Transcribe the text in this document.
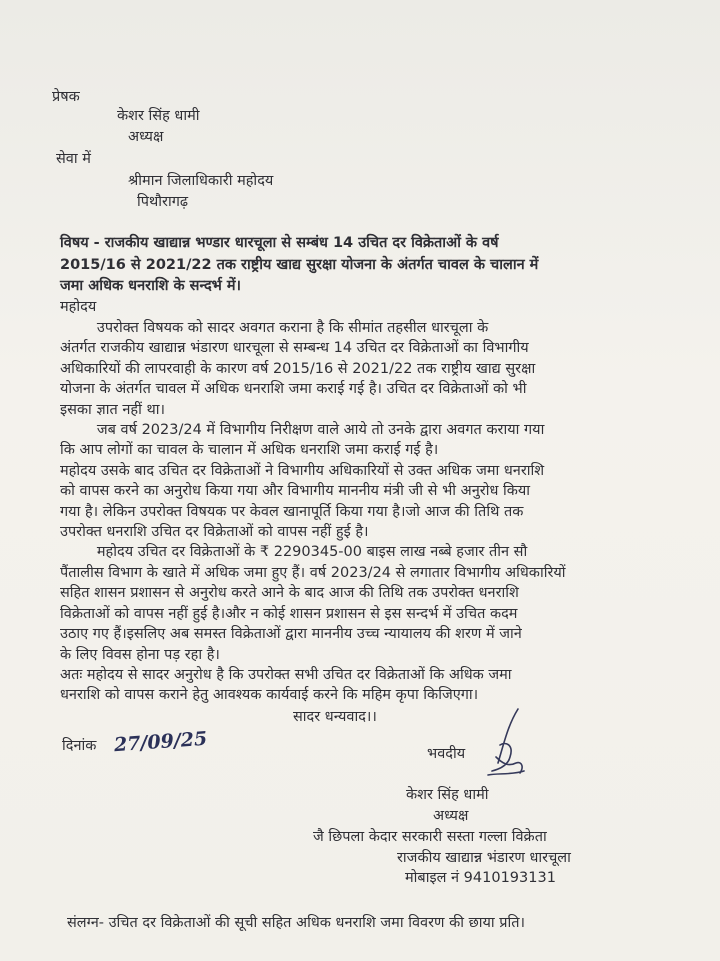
प्रेषक
केशर सिंह धामी
अध्यक्ष
सेवा में
श्रीमान जिलाधिकारी महोदय
पिथौरागढ़
विषय - राजकीय खाद्यान्न भण्डार धारचूला से सम्बंध 14 उचित दर विक्रेताओं के वर्ष
2015/16 से 2021/22 तक राष्ट्रीय खाद्य सुरक्षा योजना के अंतर्गत चावल के चालान में
जमा अधिक धनराशि के सन्दर्भ में।
महोदय
उपरोक्त विषयक को सादर अवगत कराना है कि सीमांत तहसील धारचूला के
अंतर्गत राजकीय खाद्यान्न भंडारण धारचूला से सम्बन्ध 14 उचित दर विक्रेताओं का विभागीय
अधिकारियों की लापरवाही के कारण वर्ष 2015/16 से 2021/22 तक राष्ट्रीय खाद्य सुरक्षा
योजना के अंतर्गत चावल में अधिक धनराशि जमा कराई गई है। उचित दर विक्रेताओं को भी
इसका ज्ञात नहीं था।
जब वर्ष 2023/24 में विभागीय निरीक्षण वाले आये तो उनके द्वारा अवगत कराया गया
कि आप लोगों का चावल के चालान में अधिक धनराशि जमा कराई गई है।
महोदय उसके बाद उचित दर विक्रेताओं ने विभागीय अधिकारियों से उक्त अधिक जमा धनराशि
को वापस करने का अनुरोध किया गया और विभागीय माननीय मंत्री जी से भी अनुरोध किया
गया है। लेकिन उपरोक्त विषयक पर केवल खानापूर्ति किया गया है।जो आज की तिथि तक
उपरोक्त धनराशि उचित दर विक्रेताओं को वापस नहीं हुई है।
महोदय उचित दर विक्रेताओं के ₹ 2290345-00 बाइस लाख नब्बे हजार तीन सौ
पैंतालीस विभाग के खाते में अधिक जमा हुए हैं। वर्ष 2023/24 से लगातार विभागीय अधिकारियों
सहित शासन प्रशासन से अनुरोध करते आने के बाद आज की तिथि तक उपरोक्त धनराशि
विक्रेताओं को वापस नहीं हुई है।और न कोई शासन प्रशासन से इस सन्दर्भ में उचित कदम
उठाए गए हैं।इसलिए अब समस्त विक्रेताओं द्वारा माननीय उच्च न्यायालय की शरण में जाने
के लिए विवस होना पड़ रहा है।
अतः महोदय से सादर अनुरोध है कि उपरोक्त सभी उचित दर विक्रेताओं कि अधिक जमा
धनराशि को वापस कराने हेतु आवश्यक कार्यवाई करने कि महिम कृपा किजिएगा।
सादर धन्यवाद।।
दिनांक 27/09/25	भवदीय
केशर सिंह धामी
अध्यक्ष
जै छिपला केदार सरकारी सस्ता गल्ला विक्रेता
राजकीय खाद्यान्न भंडारण धारचूला
मोबाइल नं 9410193131
संलग्न- उचित दर विक्रेताओं की सूची सहित अधिक धनराशि जमा विवरण की छाया प्रति।
